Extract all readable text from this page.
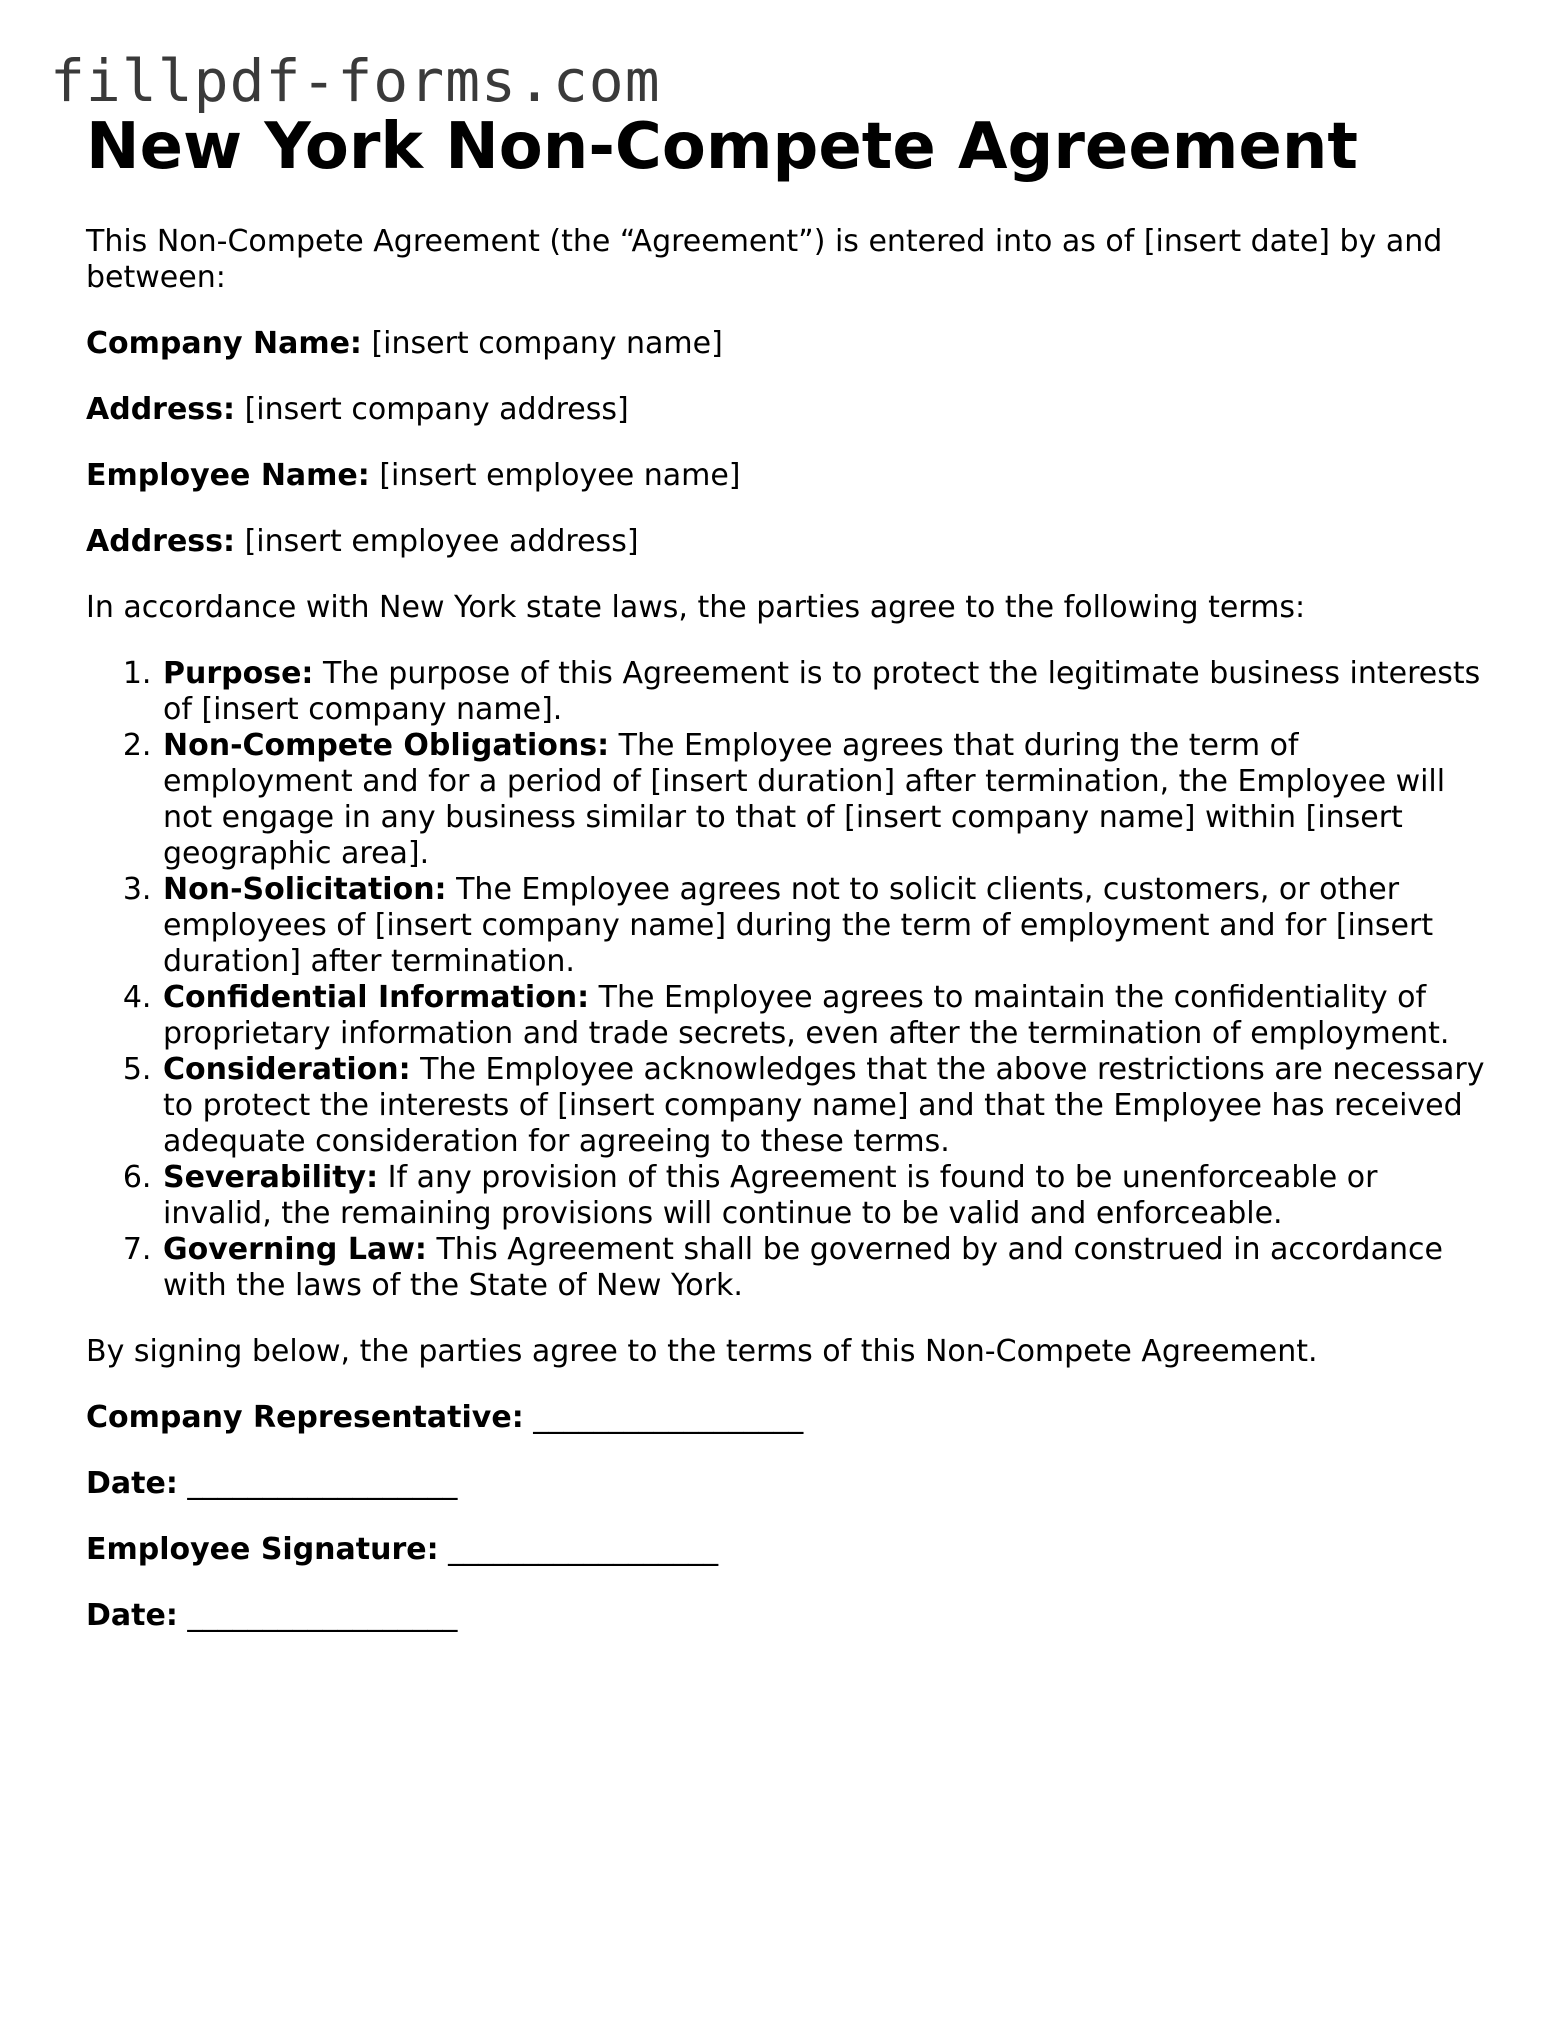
fillpdf-forms.com
New York Non-Compete Agreement

This Non-Compete Agreement (the “Agreement”) is entered into as of [insert date] by and between:

Company Name: [insert company name]

Address: [insert company address]

Employee Name: [insert employee name]

Address: [insert employee address]

In accordance with New York state laws, the parties agree to the following terms:

1. Purpose: The purpose of this Agreement is to protect the legitimate business interests of [insert company name].
2. Non-Compete Obligations: The Employee agrees that during the term of employment and for a period of [insert duration] after termination, the Employee will not engage in any business similar to that of [insert company name] within [insert geographic area].
3. Non-Solicitation: The Employee agrees not to solicit clients, customers, or other employees of [insert company name] during the term of employment and for [insert duration] after termination.
4. Confidential Information: The Employee agrees to maintain the confidentiality of proprietary information and trade secrets, even after the termination of employment.
5. Consideration: The Employee acknowledges that the above restrictions are necessary to protect the interests of [insert company name] and that the Employee has received adequate consideration for agreeing to these terms.
6. Severability: If any provision of this Agreement is found to be unenforceable or invalid, the remaining provisions will continue to be valid and enforceable.
7. Governing Law: This Agreement shall be governed by and construed in accordance with the laws of the State of New York.

By signing below, the parties agree to the terms of this Non-Compete Agreement.

Company Representative: __________________

Date: __________________

Employee Signature: __________________

Date: __________________
